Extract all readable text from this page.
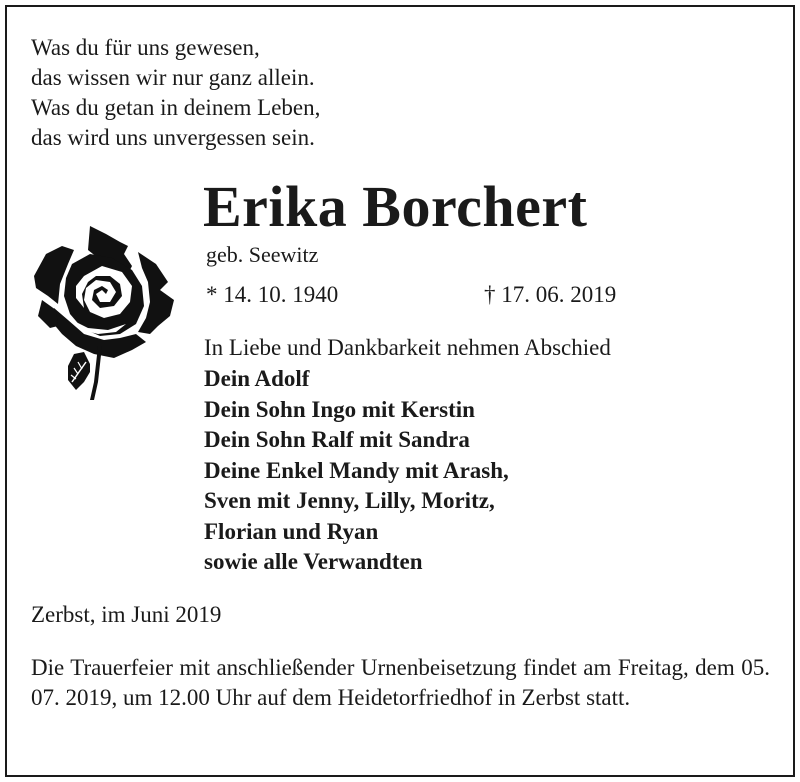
Was du für uns gewesen,
das wissen wir nur ganz allein.
Was du getan in deinem Leben,
das wird uns unvergessen sein.
Erika Borchert
geb. Seewitz
* 14. 10. 1940	† 17. 06. 2019
In Liebe und Dankbarkeit nehmen Abschied
Dein Adolf
Dein Sohn Ingo mit Kerstin
Dein Sohn Ralf mit Sandra
Deine Enkel Mandy mit Arash,
Sven mit Jenny, Lilly, Moritz,
Florian und Ryan
sowie alle Verwandten
Zerbst, im Juni 2019
Die Trauerfeier mit anschließender Urnenbeisetzung findet am Freitag, dem 05. 07. 2019, um 12.00 Uhr auf dem Heidetorfriedhof in Zerbst statt.
